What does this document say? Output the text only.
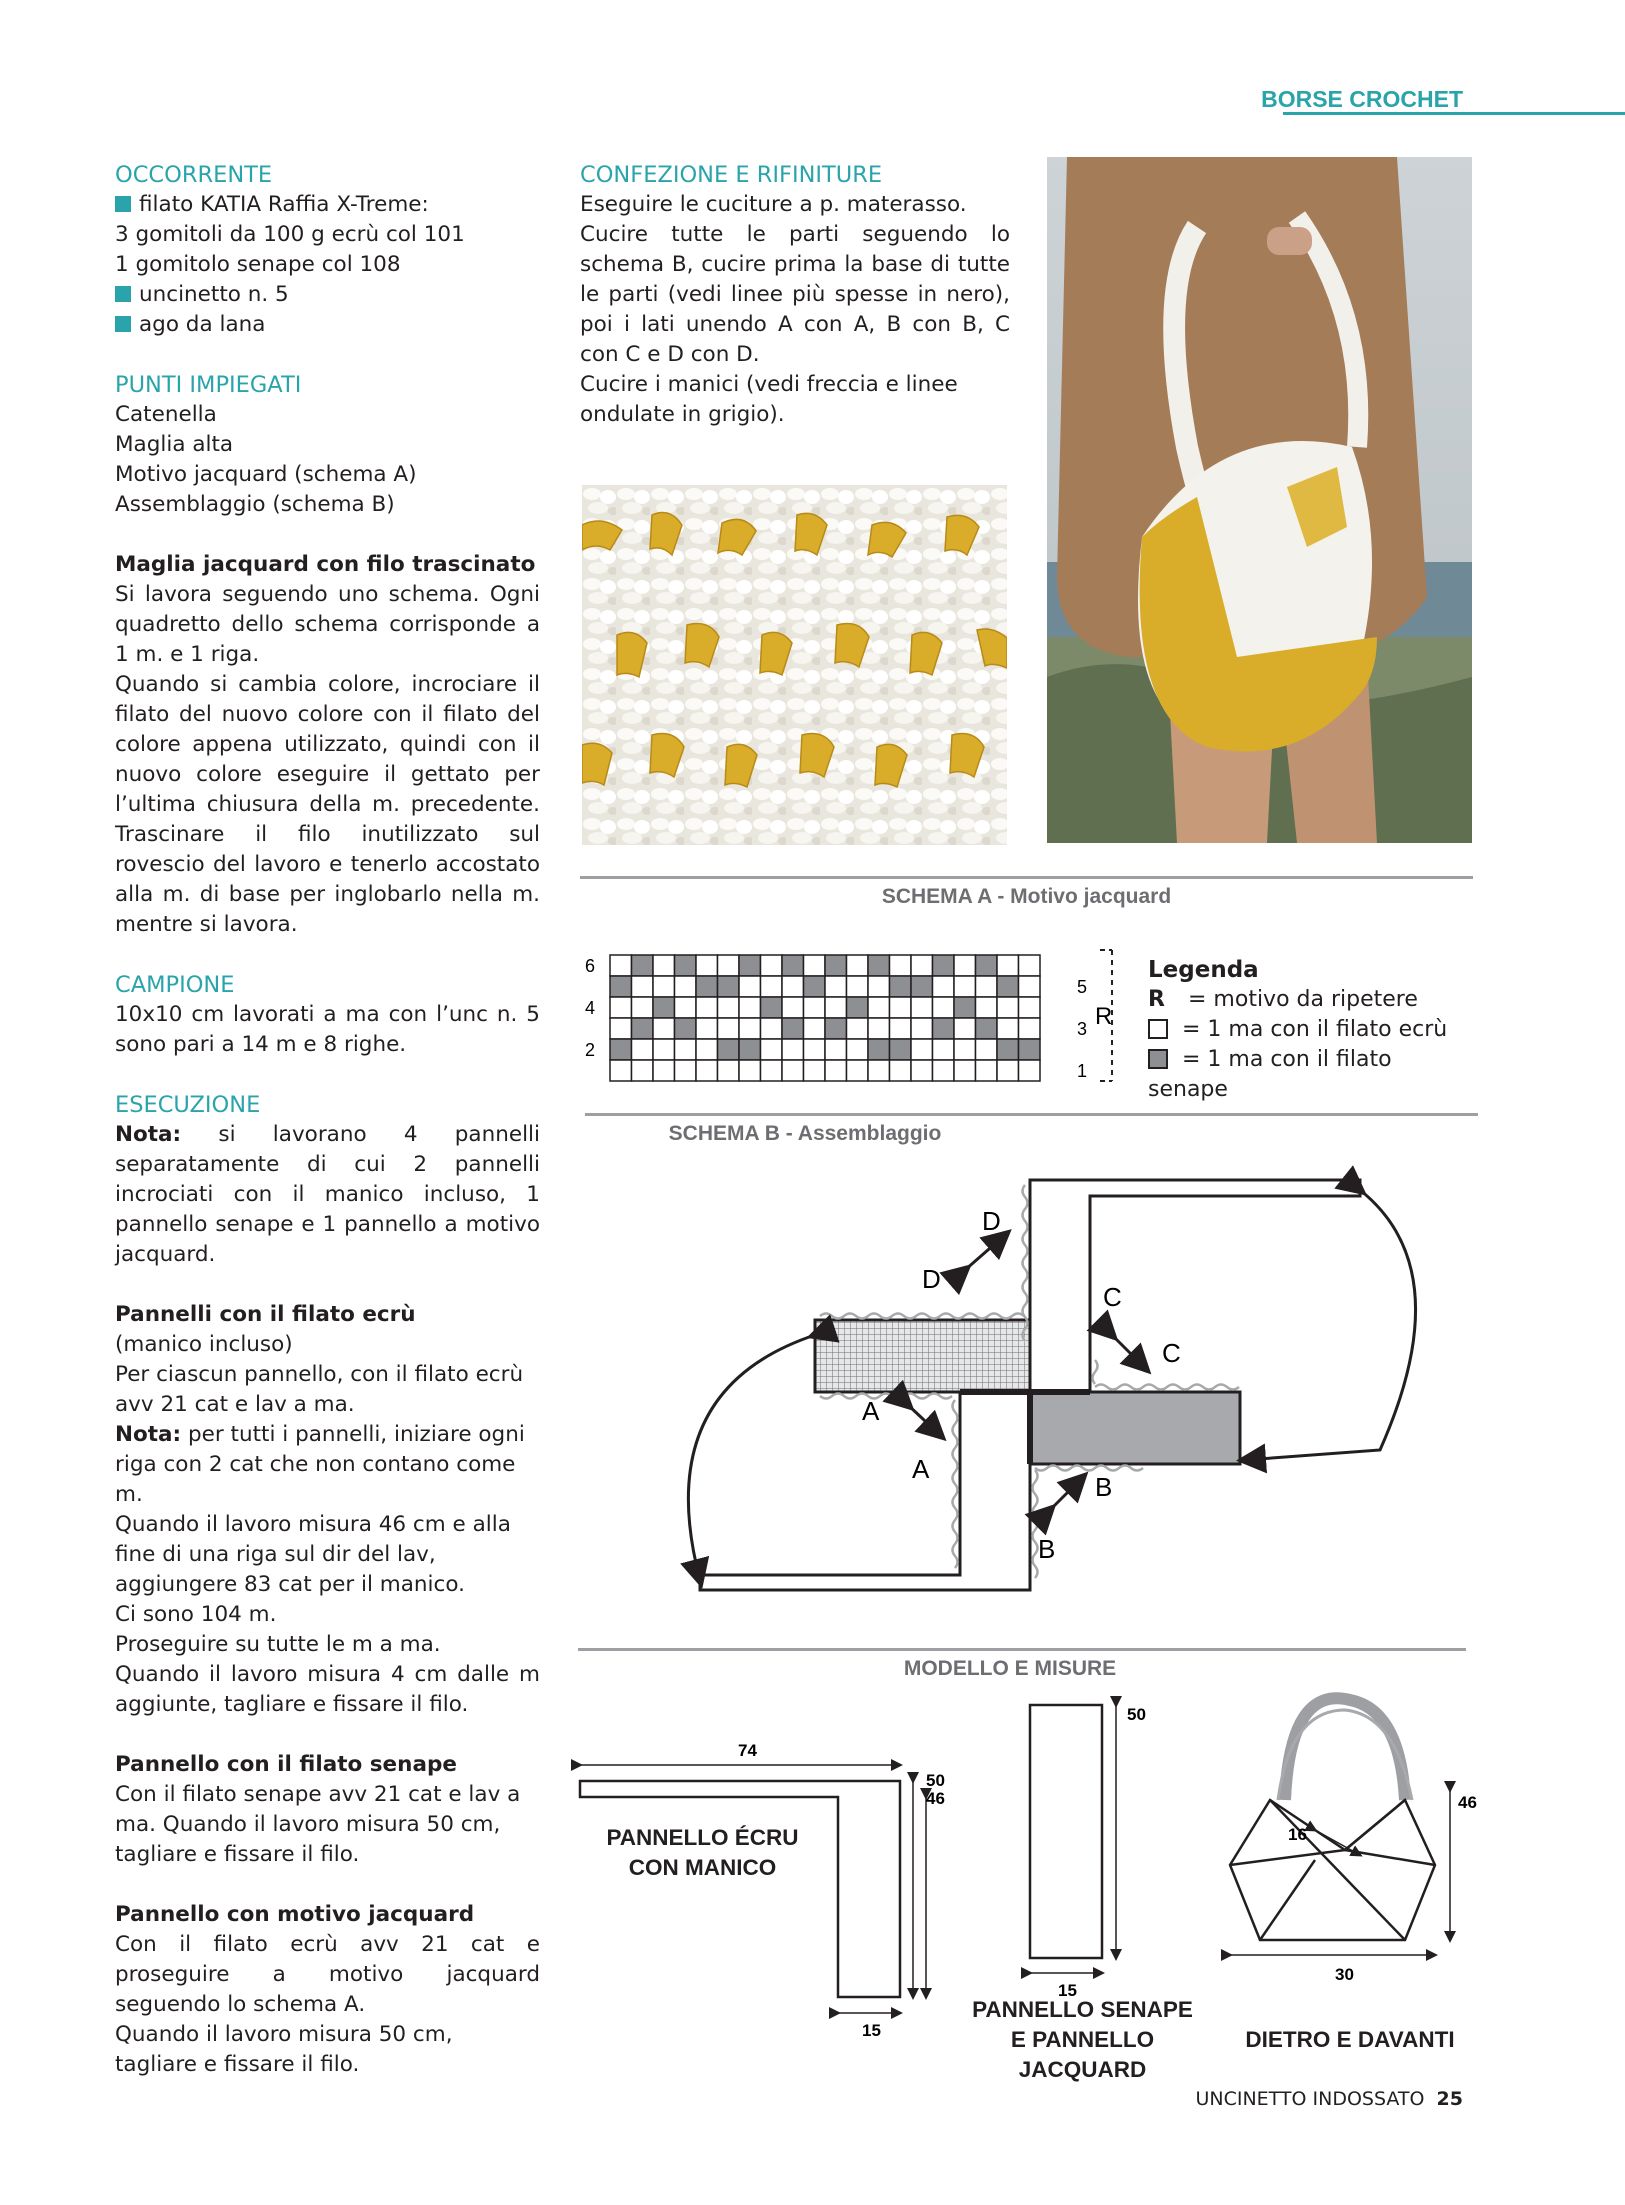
BORSE CROCHET

OCCORRENTE

filato KATIA Raffia X-Treme:

3 gomitoli da 100 g ecrù col 101

1 gomitolo senape col 108

uncinetto n. 5

ago da lana

PUNTI IMPIEGATI

Catenella

Maglia alta

Motivo jacquard (schema A)

Assemblaggio (schema B)

Maglia jacquard con filo trascinato

Si lavora seguendo uno schema. Ogni quadretto dello schema corrisponde a 1 m. e 1 riga.

Quando si cambia colore, incrociare il filato del nuovo colore con il filato del colore appena utilizzato, quindi con il nuovo colore eseguire il gettato per l’ultima chiusura della m. precedente. Trascinare il filo inutilizzato sul rovescio del lavoro e tenerlo accostato alla m. di base per inglobarlo nella m. mentre si lavora.

CAMPIONE

10x10 cm lavorati a ma con l’unc n. 5 sono pari a 14 m e 8 righe.

ESECUZIONE

Nota: si lavorano 4 pannelli separatamente di cui 2 pannelli incrociati con il manico incluso, 1 pannello senape e 1 pannello a motivo jacquard.

Pannelli con il filato ecrù

(manico incluso)

Per ciascun pannello, con il filato ecrù avv 21 cat e lav a ma.

Nota: per tutti i pannelli, iniziare ogni riga con 2 cat che non contano come m.

Quando il lavoro misura 46 cm e alla fine di una riga sul dir del lav, aggiungere 83 cat per il manico.

Ci sono 104 m.

Proseguire su tutte le m a ma.

Quando il lavoro misura 4 cm dalle m aggiunte, tagliare e fissare il filo.

Pannello con il filato senape

Con il filato senape avv 21 cat e lav a ma. Quando il lavoro misura 50 cm, tagliare e fissare il filo.

Pannello con motivo jacquard

Con il filato ecrù avv 21 cat e proseguire a motivo jacquard seguendo lo schema A.

Quando il lavoro misura 50 cm, tagliare e fissare il filo.

CONFEZIONE E RIFINITURE

Eseguire le cuciture a p. materasso.

Cucire tutte le parti seguendo lo schema B, cucire prima la base di tutte le parti (vedi linee più spesse in nero), poi i lati unendo A con A, B con B, C con C e D con D.

Cucire i manici (vedi freccia e linee ondulate in grigio).

SCHEMA A - Motivo jacquard
6
4
2
5
3
1
R
Legenda
R = motivo da ripetere
= 1 ma con il filato ecrù
= 1 ma con il filato senape
SCHEMA B - Assemblaggio
D
D
C
C
A
A
B
B
MODELLO E MISURE
74
50
46
15
50
15
16
46
30
PANNELLO ÉCRU
CON MANICO
PANNELLO SENAPE
E PANNELLO
JACQUARD
DIETRO E DAVANTI
UNCINETTO INDOSSATO 25
